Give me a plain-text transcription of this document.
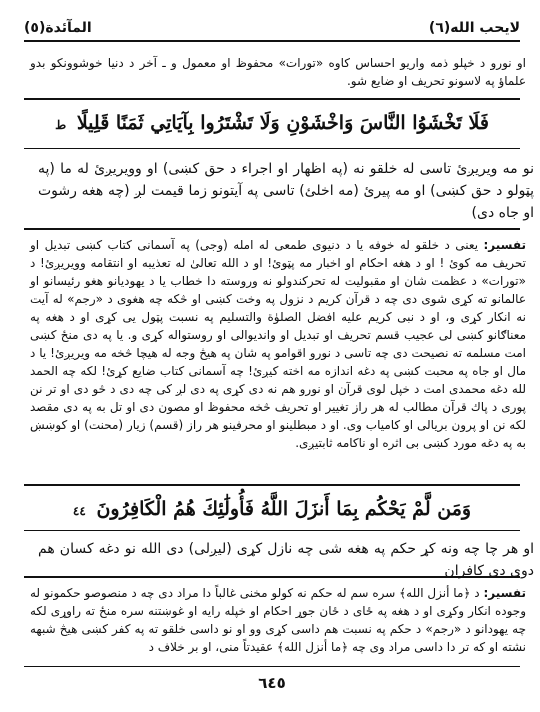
لايحب الله(٦)
المآئدة(٥)
او نورو د خپلو ذمه واريو احساس كاوه «تورات» محفوظ او معمول و ـ آخر د دنيا خوشوونكو بدو علماؤ په لاسونو تحريف او ضايع شو.
فَلَا تَخْشَوُا النَّاسَ وَاخْشَوْنِ وَلَا تَشْتَرُوا بِآيَاتِي ثَمَنًا قَلِيلًا ط
نو مه ويريږئ تاسی له خلقو نه (په اظهار او اجراء د حق كښی) او وويريږئ له ما (په پټولو د حق كښی) او مه پيرئ (مه اخلئ) تاسی په آيتونو زما قيمت لږ (چه هغه رشوت او جاه دی)
تفسير: يعنی د خلقو له خوفه يا د دنيوی طمعی له امله (وجی) په آسمانی كتاب كښی تبديل او تحريف مه كوئ ! او د هغه احكام او اخبار مه پټوئ! او د الله تعالیٰ له تعذيبه او انتقامه وويريږئ! د «تورات» د عظمت شان او مقبوليت له تحركندولو نه وروسته دا خطاب يا د يهوديانو هغو رئيسانو او عالمانو ته كړی شوی دی چه د قرآن كريم د نزول په وخت كښی او څكه چه هغوی د «رجم» له آيت نه انكار كړی و، او د نبی كريم عليه افضل الصلوٰة والتسليم په نسبت پټول يی كړی او د هغه په معناګانو كښی لی عجيب قسم تحريف او تبديل او وانديوالی او روستواله كړی و. يا په دی منځ كښی امت مسلمه ته نصيحت دی چه تاسی د نورو اقوامو په شان په هيڅ وجه له هيچا څخه مه ويريږئ! يا د مال او جاه په محبت كښی په دغه اندازه مه اخته كيږئ! چه آسمانی كتاب ضايع كړئ! لكه چه الحمد لله دغه محمدی امت د خپل لوی قرآن او نورو هم نه دی كړی په دی لږ كی چه دی د څو دی او تر نن پوری د پاك قرآن مطالب له هر راز تغيير او تحريف څخه محفوظ او مصون دی او تل به په دی مقصد لكه نن او پرون بريالی او كامياب وی. او د مبطلينو او محرفينو هر راز (قسم) زيار (محنت) او كوښښ به په دغه مورد كښی بی اثره او ناكامه ثابتيږی.
وَمَن لَّمْ يَحْكُم بِمَا أَنزَلَ اللَّهُ فَأُولَٰئِكَ هُمُ الْكَافِرُونَ ٤٤
او هر چا چه ونه كړ حكم په هغه شی چه نازل كړی (ليږلی) دی الله نو دغه كسان هم دوی دی كافران
تفسير: د ﴿ما أنزل الله﴾ سره سم له حكم نه كولو مخنی غالباً دا مراد دی چه د منصوصو حكمونو له وجوده انكار وكړی او د هغه په ځای د ځان جوړ احكام او خپله رايه او غوښتنه سره منځ ته راوړی لكه چه يهودانو د «رجم» د حكم په نسبت هم داسی كړی وو او نو داسی خلقو ته په كفر كښی هيڅ شبهه نشته او كه تر دا داسی مراد وی چه ﴿ما أنزل الله﴾ عقيدتاً منی، او بر خلاف د
٦٤٥
